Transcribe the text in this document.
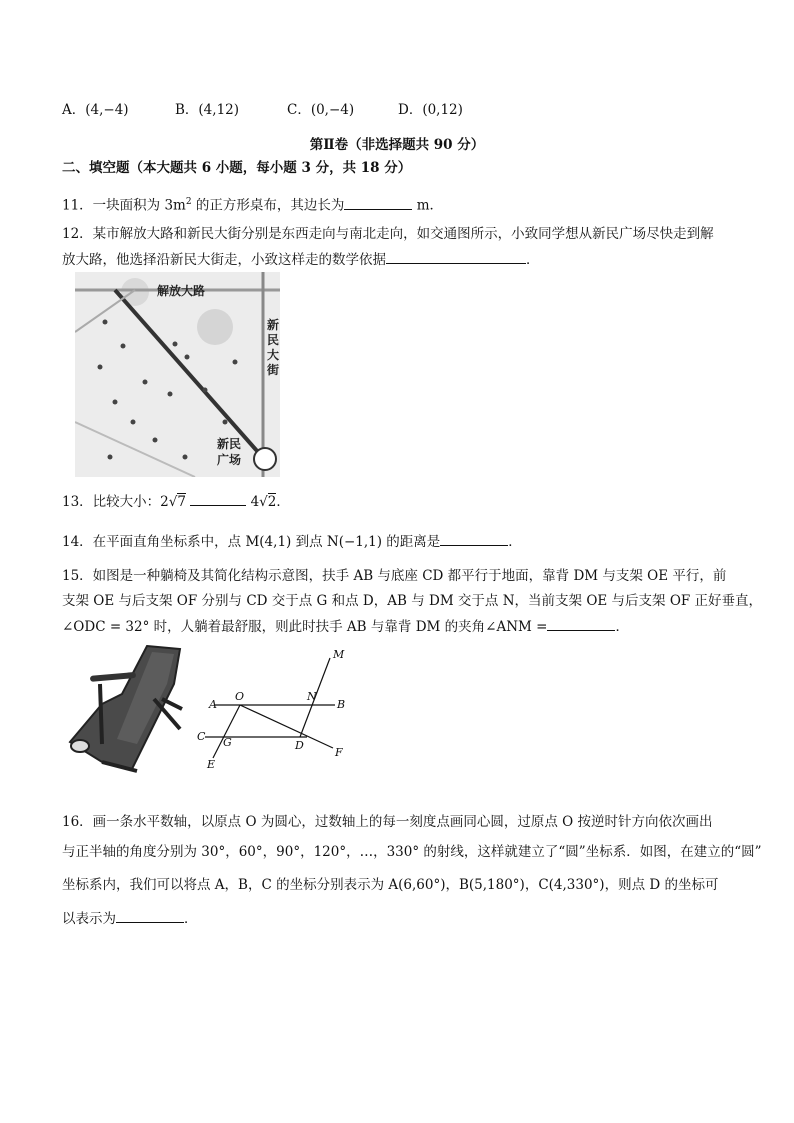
A．(4,−4)	B．(4,12)	C．(0,−4)	D．(0,12)
第Ⅱ卷（非选择题共 90 分）
二、填空题（本大题共 6 小题，每小题 3 分，共 18 分）
11．一块面积为 $3m^2$ 的正方形桌布，其边长为	m．
12．某市解放大路和新民大街分别是东西走向与南北走向，如交通图所示，小致同学想从新民广场尽快走到解
放大路，他选择沿新民大街走，小致这样走的数学依据	．
解放大路
新
民
大
街
新民
广场
13．比较大小：2√7	4√2．
14．在平面直角坐标系中，点 M(4,1) 到点 N(−1,1) 的距离是	．
15．如图是一种躺椅及其简化结构示意图，扶手 AB 与底座 CD 都平行于地面，靠背 DM 与支架 OE 平行，前
支架 OE 与后支架 OF 分别与 CD 交于点 G 和点 D，AB 与 DM 交于点 N，当前支架 OE 与后支架 OF 正好垂直，
∠ODC = 32° 时，人躺着最舒服，则此时扶手 AB 与靠背 DM 的夹角∠ANM =	．
M
O	N
A	B
C G	D
E
F
16．画一条水平数轴，以原点 O 为圆心，过数轴上的每一刻度点画同心圆，过原点 O 按逆时针方向依次画出
与正半轴的角度分别为 30°，60°，90°，120°，…，330° 的射线，这样就建立了“圆”坐标系．如图，在建立的“圆”
坐标系内，我们可以将点 A，B，C 的坐标分别表示为 A(6,60°)，B(5,180°)，C(4,330°)，则点 D 的坐标可
以表示为	．
